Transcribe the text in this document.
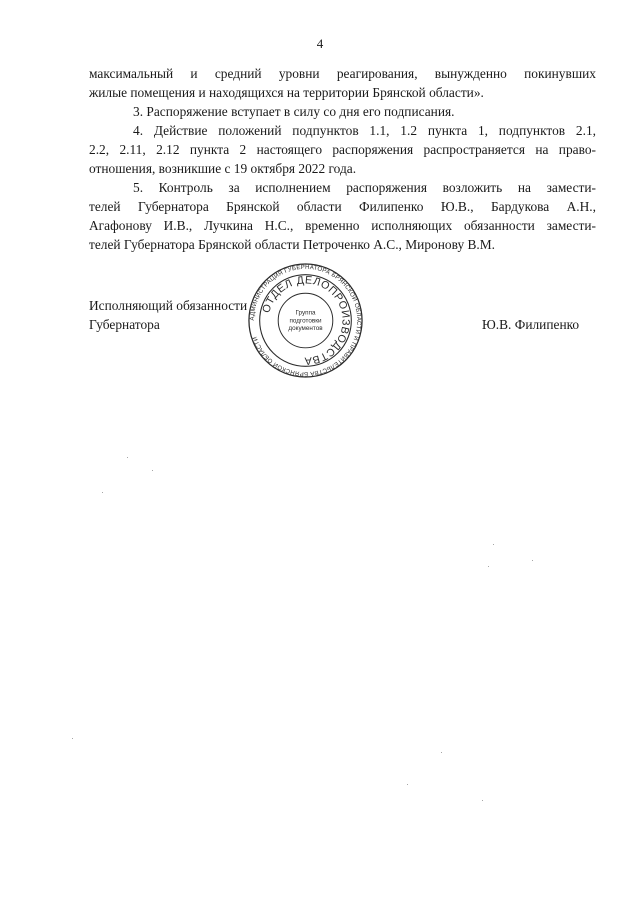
4
максимальный и средний уровни реагирования, вынужденно покинувших
жилые помещения и находящихся на территории Брянской области».
3. Распоряжение вступает в силу со дня его подписания.
4. Действие положений подпунктов 1.1, 1.2 пункта 1, подпунктов 2.1,
2.2, 2.11, 2.12 пункта 2 настоящего распоряжения распространяется на право-
отношения, возникшие с 19 октября 2022 года.
5. Контроль за исполнением распоряжения возложить на замести-
телей Губернатора Брянской области Филипенко Ю.В., Бардукова А.Н.,
Агафонову И.В., Лучкина Н.С., временно исполняющих обязанности замести-
телей Губернатора Брянской области Петроченко А.С., Миронову В.М.
Исполняющий обязанности
Губернатора	Ю.В. Филипенко
АДМИНИСТРАЦИЯ ГУБЕРНАТОРА БРЯНСКОЙ ОБЛАСТИ И ПРАВИТЕЛЬСТВА БРЯНСКОЙ ОБЛАСТИ
ОТДЕЛ ДЕЛОПРОИЗВОДСТВА
Группа
подготовки
документов
